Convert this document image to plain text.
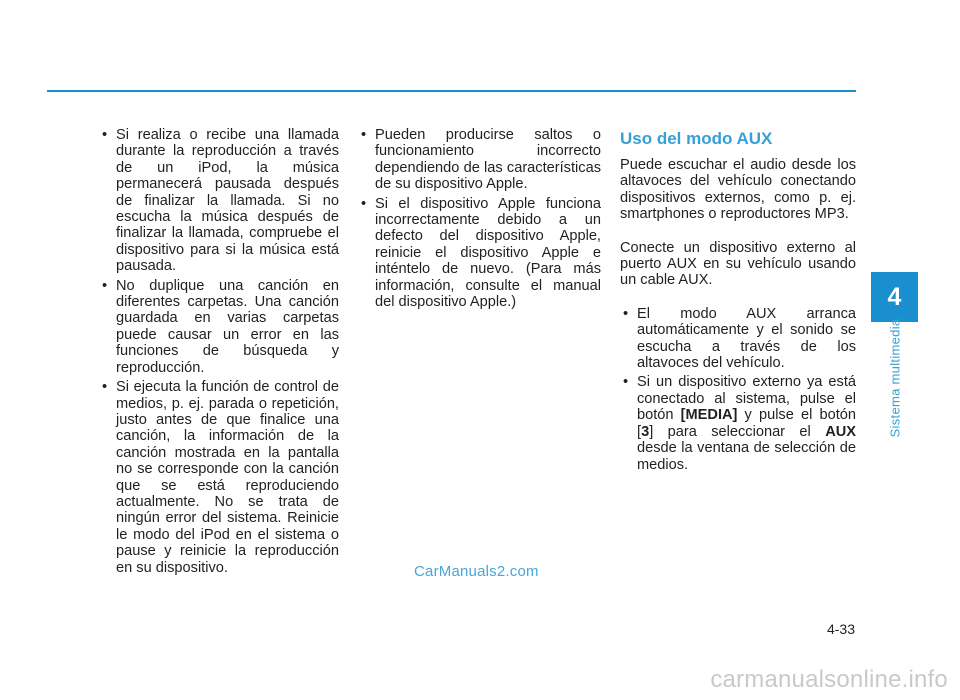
• Si realiza o recibe una llamada durante la reproducción a través de un iPod, la música permanecerá pausada después de finalizar la llamada. Si no escucha la música después de finalizar la llamada, compruebe el dispositivo para si la música está pausada.
• No duplique una canción en diferentes carpetas. Una canción guardada en varias carpetas puede causar un error en las funciones de búsqueda y reproducción.
• Si ejecuta la función de control de medios, p. ej. parada o repetición, justo antes de que finalice una canción, la información de la canción mostrada en la pantalla no se corresponde con la canción que se está reproduciendo actualmente. No se trata de ningún error del sistema. Reinicie le modo del iPod en el sistema o pause y reinicie la reproducción en su dispositivo.
• Pueden producirse saltos o funcionamiento incorrecto dependiendo de las características de su dispositivo Apple.
• Si el dispositivo Apple funciona incorrectamente debido a un defecto del dispositivo Apple, reinicie el dispositivo Apple e inténtelo de nuevo. (Para más información, consulte el manual del dispositivo Apple.)
Uso del modo AUX

Puede escuchar el audio desde los altavoces del vehículo conectando dispositivos externos, como p. ej. smartphones o reproductores MP3.

Conecte un dispositivo externo al puerto AUX en su vehículo usando un cable AUX.

• El modo AUX arranca automáticamente y el sonido se escucha a través de los altavoces del vehículo.
• Si un dispositivo externo ya está conectado al sistema, pulse el botón [MEDIA] y pulse el botón [3] para seleccionar el AUX desde la ventana de selección de medios.
4
Sistema multimedia
CarManuals2.com
4-33
carmanualsonline.info
